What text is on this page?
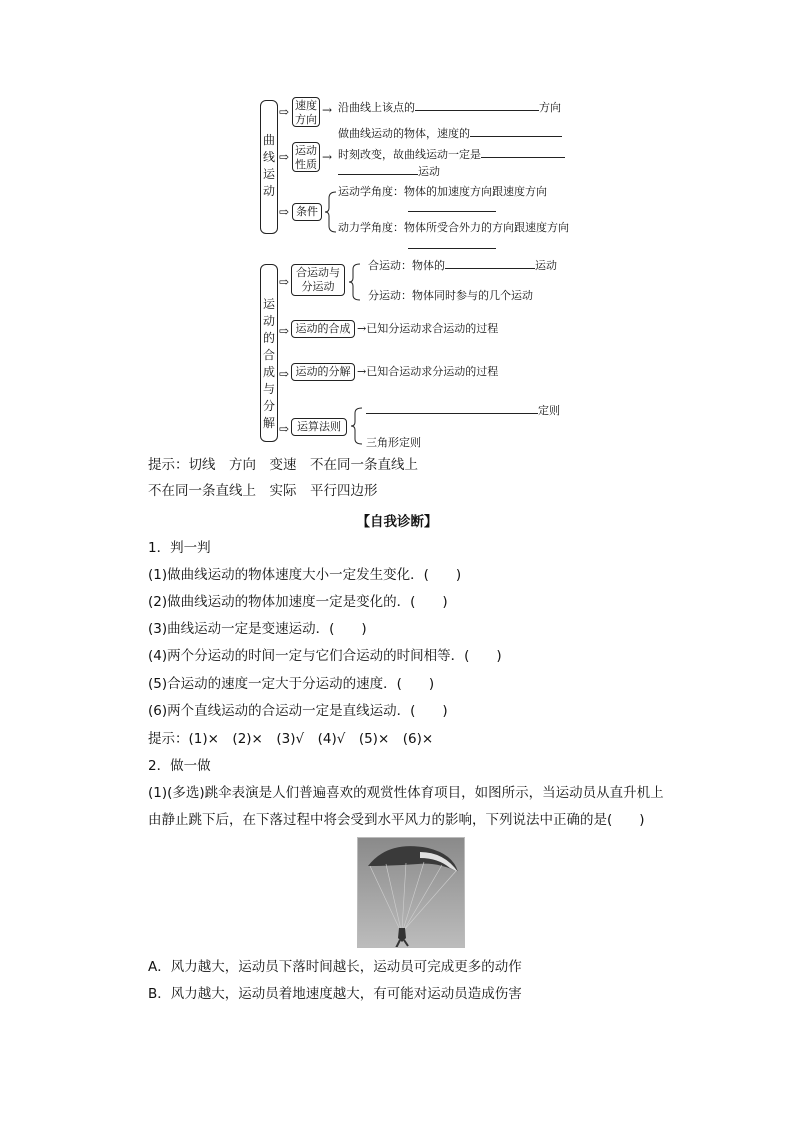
曲线运动
⇨ 速度方向
→ 沿曲线上该点的	方向
⇨ 运动性质
→
做曲线运动的物体，速度的
时刻改变，故曲线运动一定是
运动
⇨ 条件
运动学角度：物体的加速度方向跟速度方向
动力学角度：物体所受合外力的方向跟速度方向
运动的合成与分解
⇨
合运动与分运动
合运动：物体的	运动
分运动：物体同时参与的几个运动
⇨ 运动的合成 →已知分运动求合运动的过程
⇨ 运动的分解 →已知合运动求分运动的过程
⇨ 运算法则
定则
三角形定则
提示：切线　方向　变速　不在同一条直线上
不在同一条直线上　实际　平行四边形
【自我诊断】
1．判一判
(1)做曲线运动的物体速度大小一定发生变化．(　　)
(2)做曲线运动的物体加速度一定是变化的．(　　)
(3)曲线运动一定是变速运动．(　　)
(4)两个分运动的时间一定与它们合运动的时间相等．(　　)
(5)合运动的速度一定大于分运动的速度．(　　)
(6)两个直线运动的合运动一定是直线运动．(　　)
提示：(1)×　(2)×　(3)√　(4)√　(5)×　(6)×
2．做一做
(1)(多选)跳伞表演是人们普遍喜欢的观赏性体育项目，如图所示，当运动员从直升机上
由静止跳下后，在下落过程中将会受到水平风力的影响，下列说法中正确的是(　　)
A．风力越大，运动员下落时间越长，运动员可完成更多的动作
B．风力越大，运动员着地速度越大，有可能对运动员造成伤害
